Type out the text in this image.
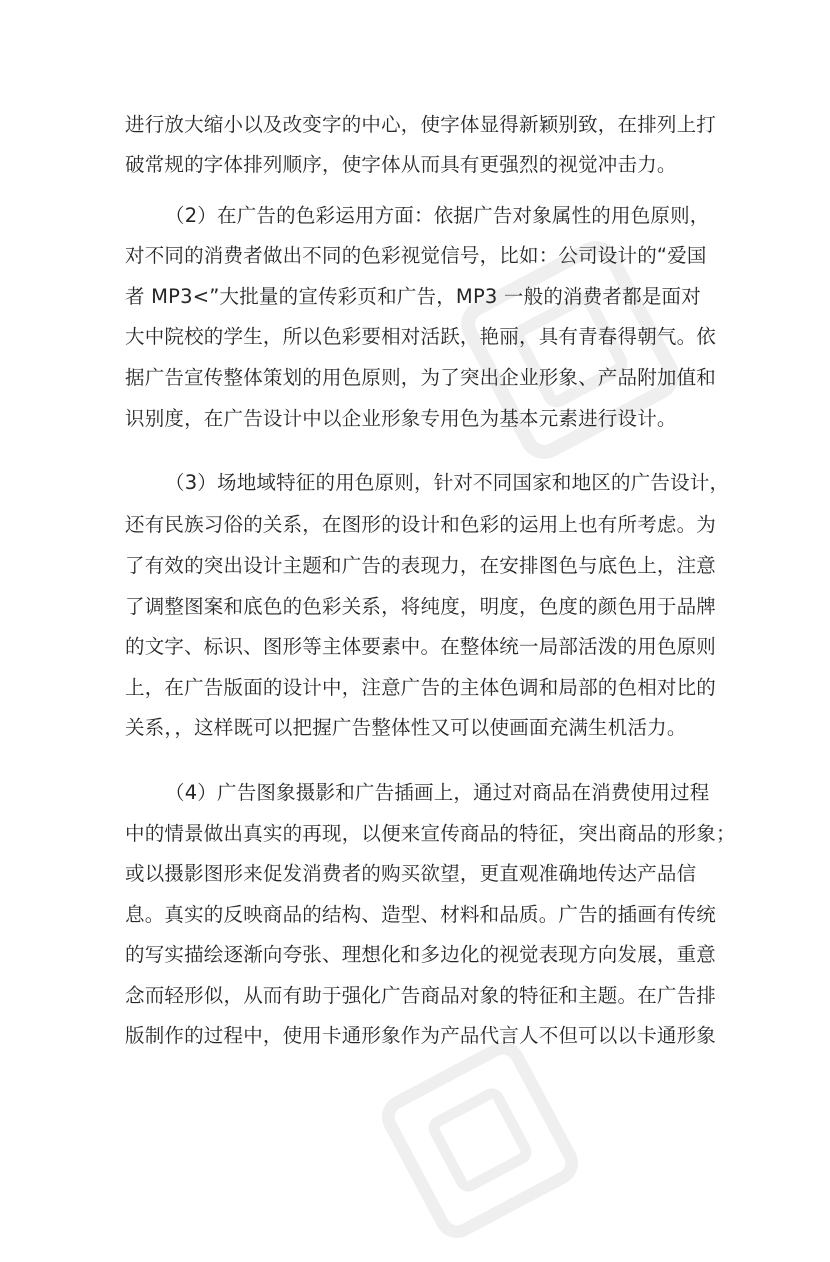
进行放大缩小以及改变字的中心，使字体显得新颖别致，在排列上打
破常规的字体排列顺序，使字体从而具有更强烈的视觉冲击力。
（2）在广告的色彩运用方面：依据广告对象属性的用色原则，
对不同的消费者做出不同的色彩视觉信号，比如：公司设计的“爱国
者 MP3<”大批量的宣传彩页和广告，MP3 一般的消费者都是面对
大中院校的学生，所以色彩要相对活跃，艳丽，具有青春得朝气。依
据广告宣传整体策划的用色原则，为了突出企业形象、产品附加值和
识别度，在广告设计中以企业形象专用色为基本元素进行设计。
（3）场地域特征的用色原则，针对不同国家和地区的广告设计，
还有民族习俗的关系，在图形的设计和色彩的运用上也有所考虑。为
了有效的突出设计主题和广告的表现力，在安排图色与底色上，注意
了调整图案和底色的色彩关系，将纯度，明度，色度的颜色用于品牌
的文字、标识、图形等主体要素中。在整体统一局部活泼的用色原则
上，在广告版面的设计中，注意广告的主体色调和局部的色相对比的
关系，，这样既可以把握广告整体性又可以使画面充满生机活力。
（4）广告图象摄影和广告插画上，通过对商品在消费使用过程
中的情景做出真实的再现，以便来宣传商品的特征，突出商品的形象；
或以摄影图形来促发消费者的购买欲望，更直观准确地传达产品信
息。真实的反映商品的结构、造型、材料和品质。广告的插画有传统
的写实描绘逐渐向夸张、理想化和多边化的视觉表现方向发展，重意
念而轻形似，从而有助于强化广告商品对象的特征和主题。在广告排
版制作的过程中，使用卡通形象作为产品代言人不但可以以卡通形象
